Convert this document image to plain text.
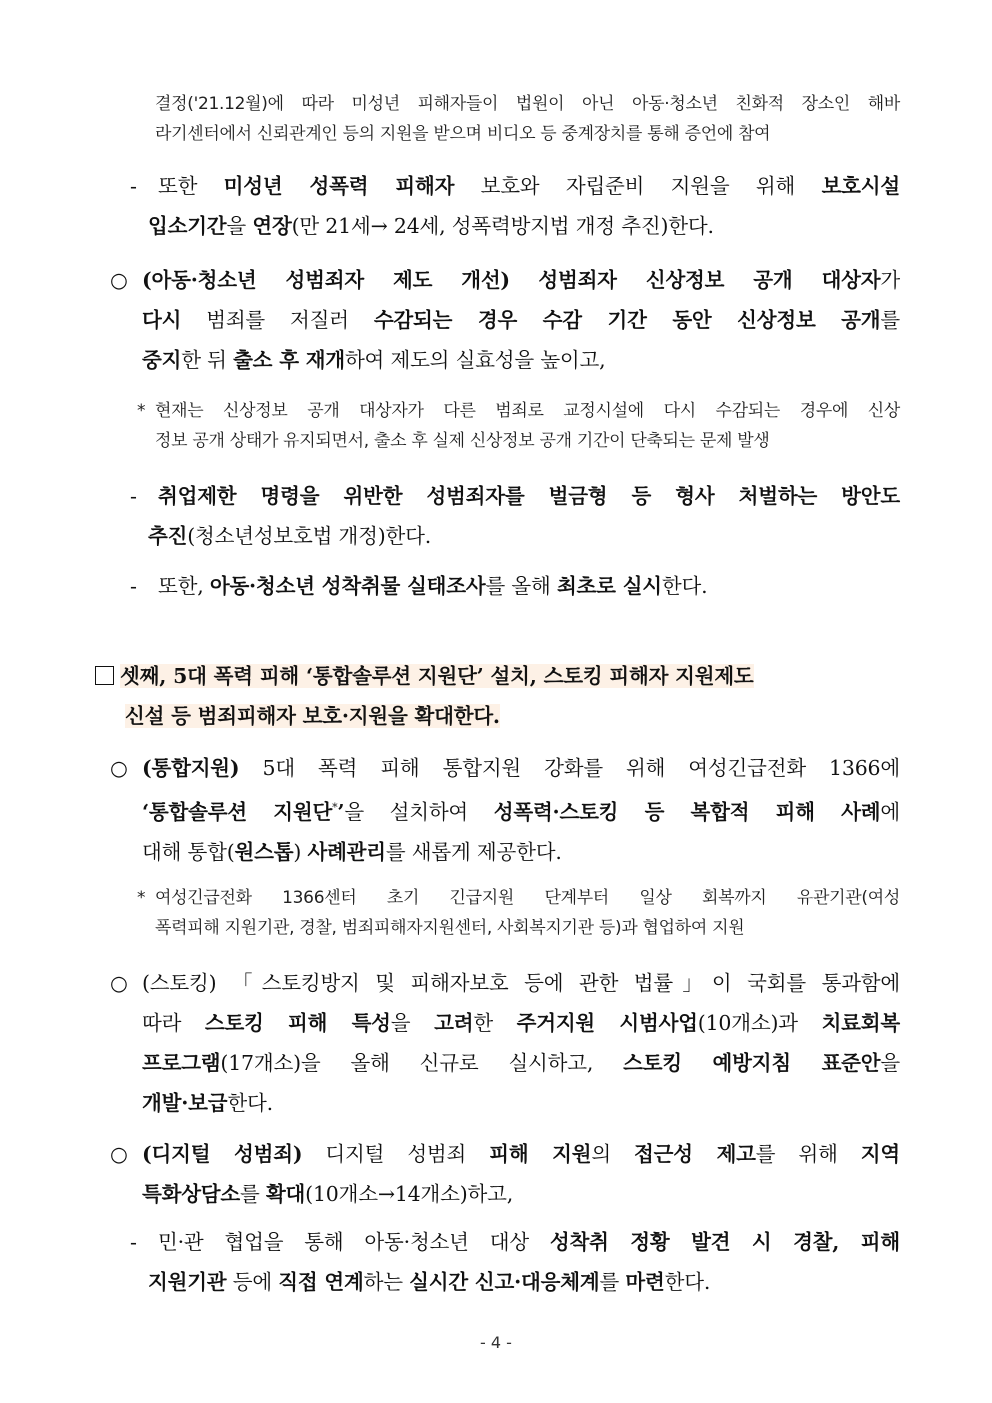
결정('21.12월)에 따라 미성년 피해자들이 법원이 아닌 아동·청소년 친화적 장소인 해바
라기센터에서 신뢰관계인 등의 지원을 받으며 비디오 등 중계장치를 통해 증언에 참여
- 또한 미성년 성폭력 피해자 보호와 자립준비 지원을 위해 보호시설
입소기간을 연장(만 21세→ 24세, 성폭력방지법 개정 추진)한다.
○ (아동·청소년 성범죄자 제도 개선) 성범죄자 신상정보 공개 대상자가
다시 범죄를 저질러 수감되는 경우 수감 기간 동안 신상정보 공개를
중지한 뒤 출소 후 재개하여 제도의 실효성을 높이고,
* 현재는 신상정보 공개 대상자가 다른 범죄로 교정시설에 다시 수감되는 경우에 신상
정보 공개 상태가 유지되면서, 출소 후 실제 신상정보 공개 기간이 단축되는 문제 발생
- 취업제한 명령을 위반한 성범죄자를 벌금형 등 형사 처벌하는 방안도
추진(청소년성보호법 개정)한다.
- 또한, 아동·청소년 성착취물 실태조사를 올해 최초로 실시한다.
셋째, 5대 폭력 피해 ‘통합솔루션 지원단’ 설치, 스토킹 피해자 지원제도
신설 등 범죄피해자 보호·지원을 확대한다.
○ (통합지원) 5대 폭력 피해 통합지원 강화를 위해 여성긴급전화 1366에
‘통합솔루션 지원단*’을 설치하여 성폭력·스토킹 등 복합적 피해 사례에
대해 통합(원스톱) 사례관리를 새롭게 제공한다.
* 여성긴급전화 1366센터 초기 긴급지원 단계부터 일상 회복까지 유관기관(여성
폭력피해 지원기관, 경찰, 범죄피해자지원센터, 사회복지기관 등)과 협업하여 지원
○ (스토킹) 「스토킹방지 및 피해자보호 등에 관한 법률」이 국회를 통과함에
따라 스토킹 피해 특성을 고려한 주거지원 시범사업(10개소)과 치료회복
프로그램(17개소)을 올해 신규로 실시하고, 스토킹 예방지침 표준안을
개발·보급한다.
○ (디지털 성범죄) 디지털 성범죄 피해 지원의 접근성 제고를 위해 지역
특화상담소를 확대(10개소→14개소)하고,
- 민·관 협업을 통해 아동·청소년 대상 성착취 정황 발견 시 경찰, 피해
지원기관 등에 직접 연계하는 실시간 신고·대응체계를 마련한다.
- 4 -
